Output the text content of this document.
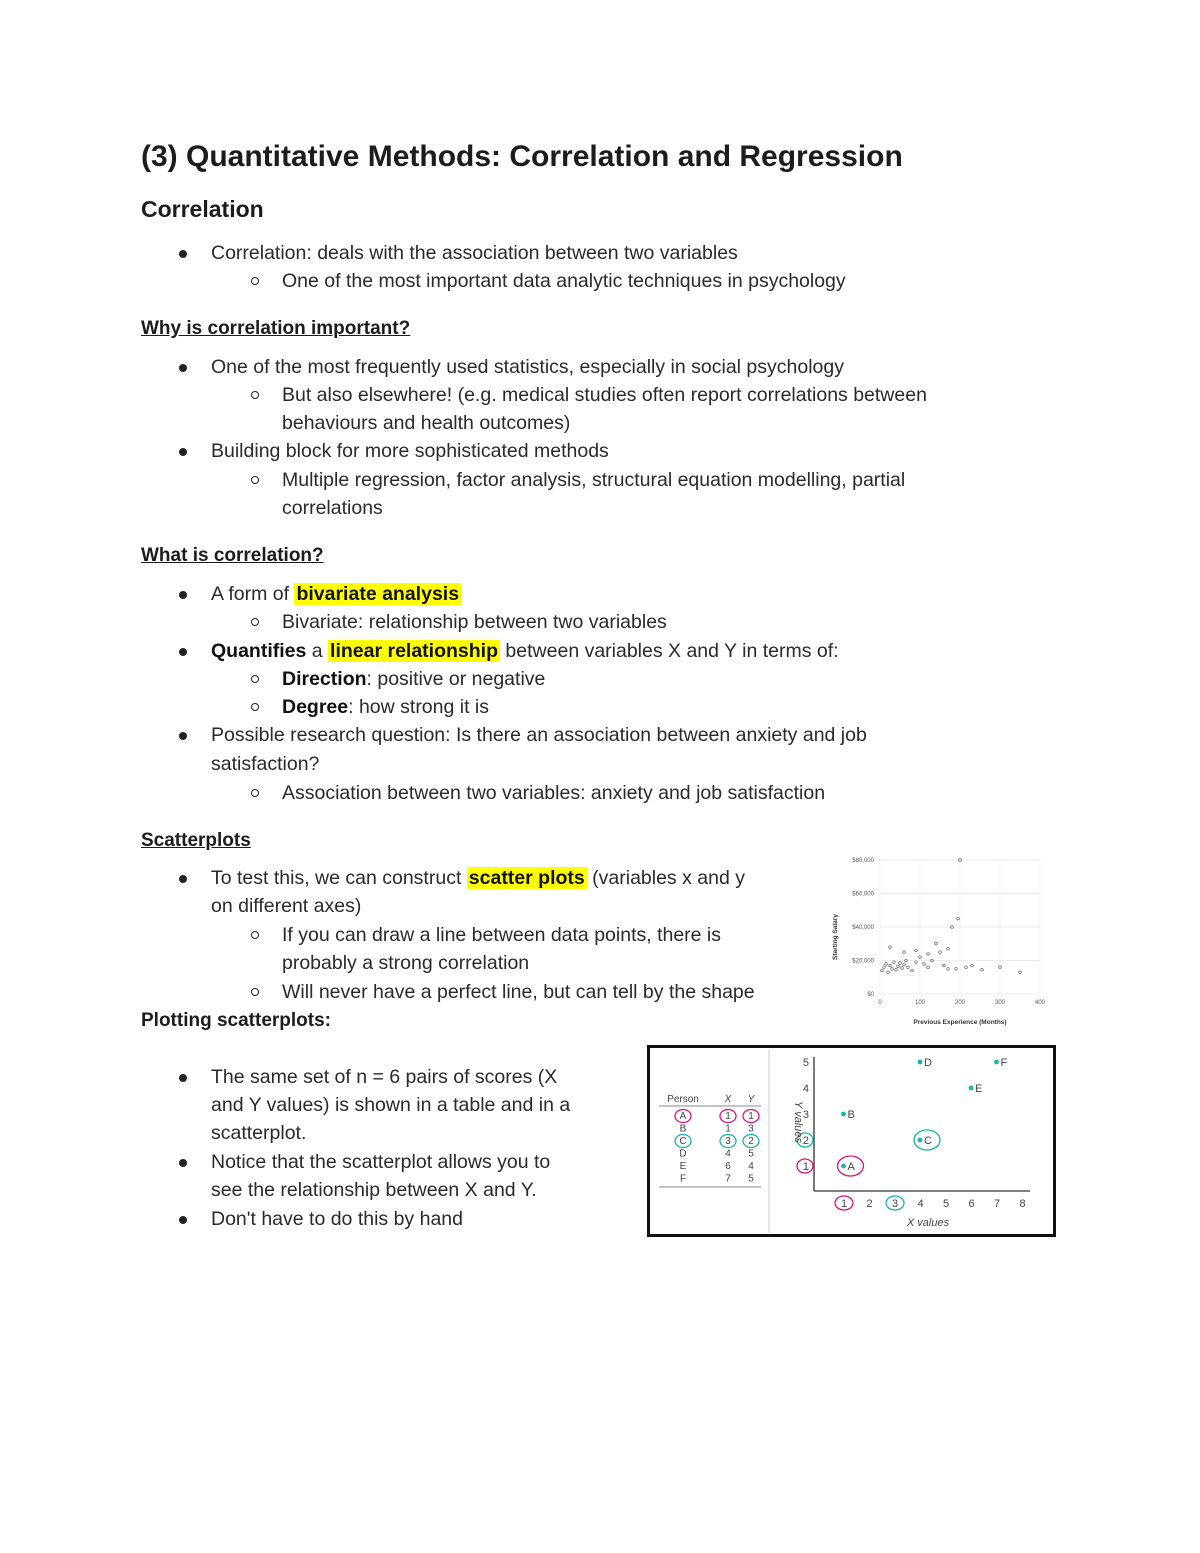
(3) Quantitative Methods: Correlation and Regression
Correlation
Correlation: deals with the association between two variables
One of the most important data analytic techniques in psychology
Why is correlation important?
One of the most frequently used statistics, especially in social psychology
But also elsewhere! (e.g. medical studies often report correlations between
behaviours and health outcomes)
Building block for more sophisticated methods
Multiple regression, factor analysis, structural equation modelling, partial
correlations
What is correlation?
A form of bivariate analysis
Bivariate: relationship between two variables
Quantifies a linear relationship between variables X and Y in terms of:
Direction: positive or negative
Degree: how strong it is
Possible research question: Is there an association between anxiety and job
satisfaction?
Association between two variables: anxiety and job satisfaction
Scatterplots
To test this, we can construct scatter plots (variables x and y
on different axes)
If you can draw a line between data points, there is
probably a strong correlation
Will never have a perfect line, but can tell by the shape
Plotting scatterplots:
The same set of n = 6 pairs of scores (X
and Y values) is shown in a table and in a
scatterplot.
Notice that the scatterplot allows you to
see the relationship between X and Y.
Don't have to do this by hand
$0
$20,000
$40,000
$60,000
$80,000
0	100	200	300	400
Starting Salary
Previous Experience (Months)
Person	X Y
A	1 1
B	1 3
C	3 2
D	4 5
E	6 4
F	7 5
1 2 3 4 5 6 7 8
1
2
3
4
5
A
B
C
D
E
F
X values
Y values
